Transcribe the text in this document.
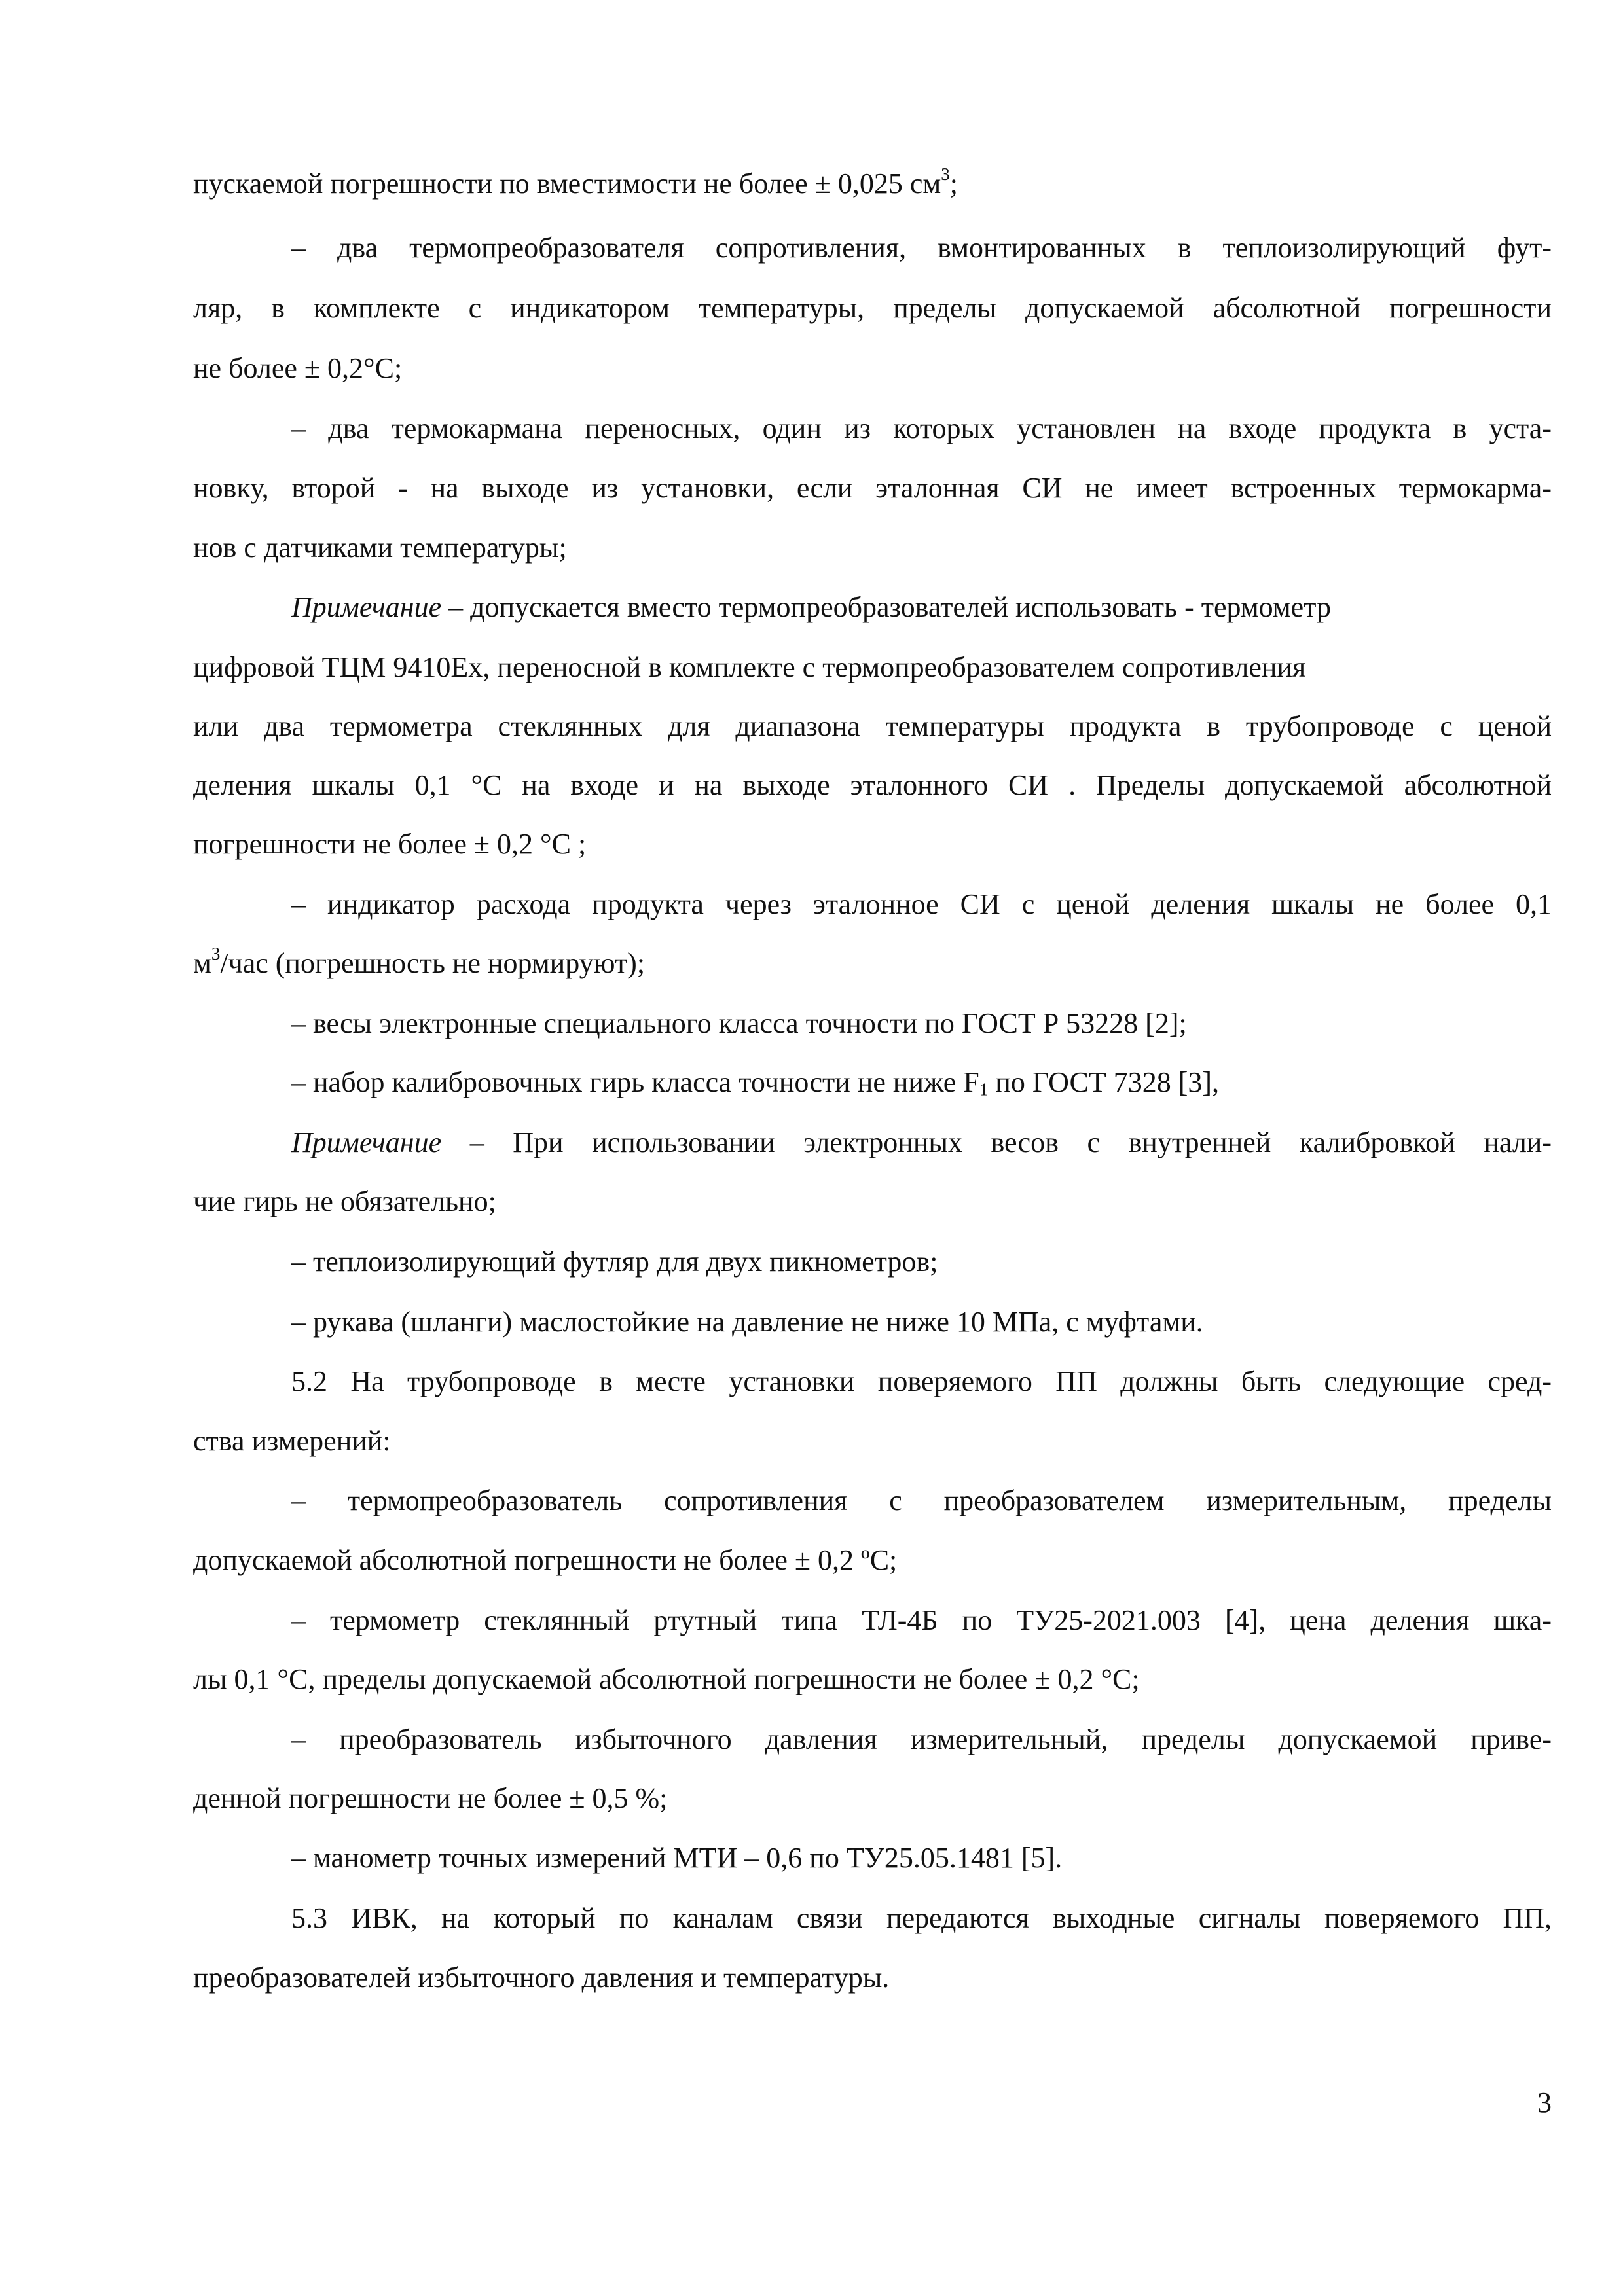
пускаемой погрешности по вместимости не более ± 0,025 $см^3$;
– два термопреобразователя сопротивления, вмонтированных в теплоизолирующий фут-
ляр, в комплекте с индикатором температуры, пределы допускаемой абсолютной погрешности
не более ± 0,2°С;
– два термокармана переносных, один из которых установлен на входе продукта в уста-
новку, второй - на выходе из установки, если эталонная СИ не имеет встроенных термокарма-
нов с датчиками температуры;
Примечание – допускается вместо термопреобразователей использовать - термометр
цифровой ТЦМ 9410Ех, переносной в комплекте с термопреобразователем сопротивления
или два термометра стеклянных для диапазона температуры продукта в трубопроводе с ценой
деления шкалы 0,1 °С на входе и на выходе эталонного СИ . Пределы допускаемой абсолютной
погрешности не более ± 0,2 °С ;
– индикатор расхода продукта через эталонное СИ с ценой деления шкалы не более 0,1
$м^3$/час (погрешность не нормируют);
– весы электронные специального класса точности по ГОСТ Р 53228 [2];
– набор калибровочных гирь класса точности не ниже $F_1$ по ГОСТ 7328 [3],
Примечание – При использовании электронных весов с внутренней калибровкой нали-
чие гирь не обязательно;
– теплоизолирующий футляр для двух пикнометров;
– рукава (шланги) маслостойкие на давление не ниже 10 МПа, с муфтами.
5.2 На трубопроводе в месте установки поверяемого ПП должны быть следующие сред-
ства измерений:
– термопреобразователь сопротивления с преобразователем измерительным, пределы
допускаемой абсолютной погрешности не более ± 0,2 ºС;
– термометр стеклянный ртутный типа ТЛ-4Б по ТУ25-2021.003 [4], цена деления шка-
лы 0,1 °С, пределы допускаемой абсолютной погрешности не более ± 0,2 °С;
– преобразователь избыточного давления измерительный, пределы допускаемой приве-
денной погрешности не более ± 0,5 %;
– манометр точных измерений МТИ – 0,6 по ТУ25.05.1481 [5].
5.3 ИВК, на который по каналам связи передаются выходные сигналы поверяемого ПП,
преобразователей избыточного давления и температуры.
3
